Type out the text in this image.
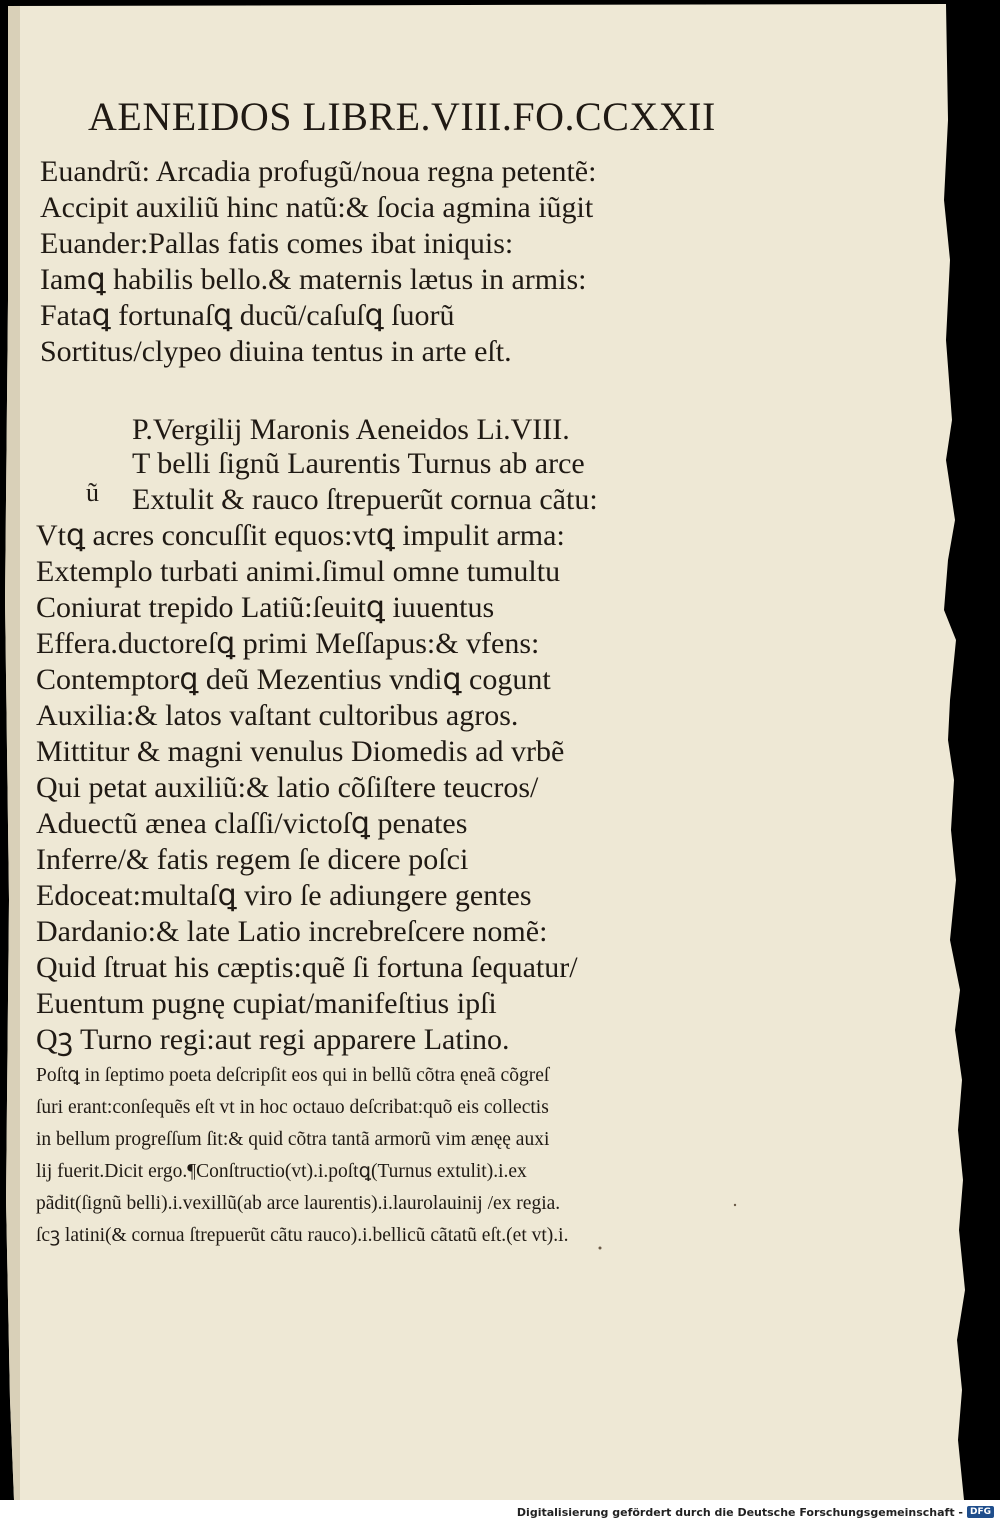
AENEIDOS LIBRE.VIII.FO.CCXXII
Euandrũ: Arcadia profugũ/noua regna petentẽ:
Accipit auxiliũ hinc natũ:& ſocia agmina iũgit
Euander:Pallas fatis comes ibat iniquis:
Iamꝗ habilis bello.& maternis lætus in armis:
Fataꝗ fortunaſꝗ ducũ/caſuſꝗ ſuorũ
Sortitus/clypeo diuina tentus in arte eſt.
P.Vergilij Maronis Aeneidos Li.VIII.
ũ
T belli ſignũ Laurentis Turnus ab arce
Extulit & rauco ſtrepuerũt cornua cãtu:
Vtꝗ acres concuſſit equos:vtꝗ impulit arma:
Extemplo turbati animi.ſimul omne tumultu
Coniurat trepido Latiũ:ſeuitꝗ iuuentus
Effera.ductoreſꝗ primi Meſſapus:& vfens:
Contemptorꝗ deũ Mezentius vndiꝗ cogunt
Auxilia:& latos vaſtant cultoribus agros.
Mittitur & magni venulus Diomedis ad vrbẽ
Qui petat auxiliũ:& latio cõſiſtere teucros/
Aduectũ ænea claſſi/victoſꝗ penates
Inferre/& fatis regem ſe dicere poſci
Edoceat:multaſꝗ viro ſe adiungere gentes
Dardanio:& late Latio increbreſcere nomẽ:
Quid ſtruat his cæptis:quẽ ſi fortuna ſequatur/
Euentum pugnę cupiat/manifeſtius ipſi
Qꝫ Turno regi:aut regi apparere Latino.
Poſtꝗ in ſeptimo poeta deſcripſit eos qui in bellũ cõtra ęneã cõgreſ
ſuri erant:conſequẽs eſt vt in hoc octauo deſcribat:quõ eis collectis
in bellum progreſſum ſit:& quid cõtra tantã armorũ vim ænęę auxi
lij fuerit.Dicit ergo.¶Conſtructio(vt).i.poſtꝗ(Turnus extulit).i.ex
pãdit(ſignũ belli).i.vexillũ(ab arce laurentis).i.laurolauinij /ex regia.
ſcꝫ latini(& cornua ſtrepuerũt cãtu rauco).i.bellicũ cãtatũ eſt.(et vt).i.
Digitalisierung gefördert durch die Deutsche Forschungsgemeinschaft - DFG
